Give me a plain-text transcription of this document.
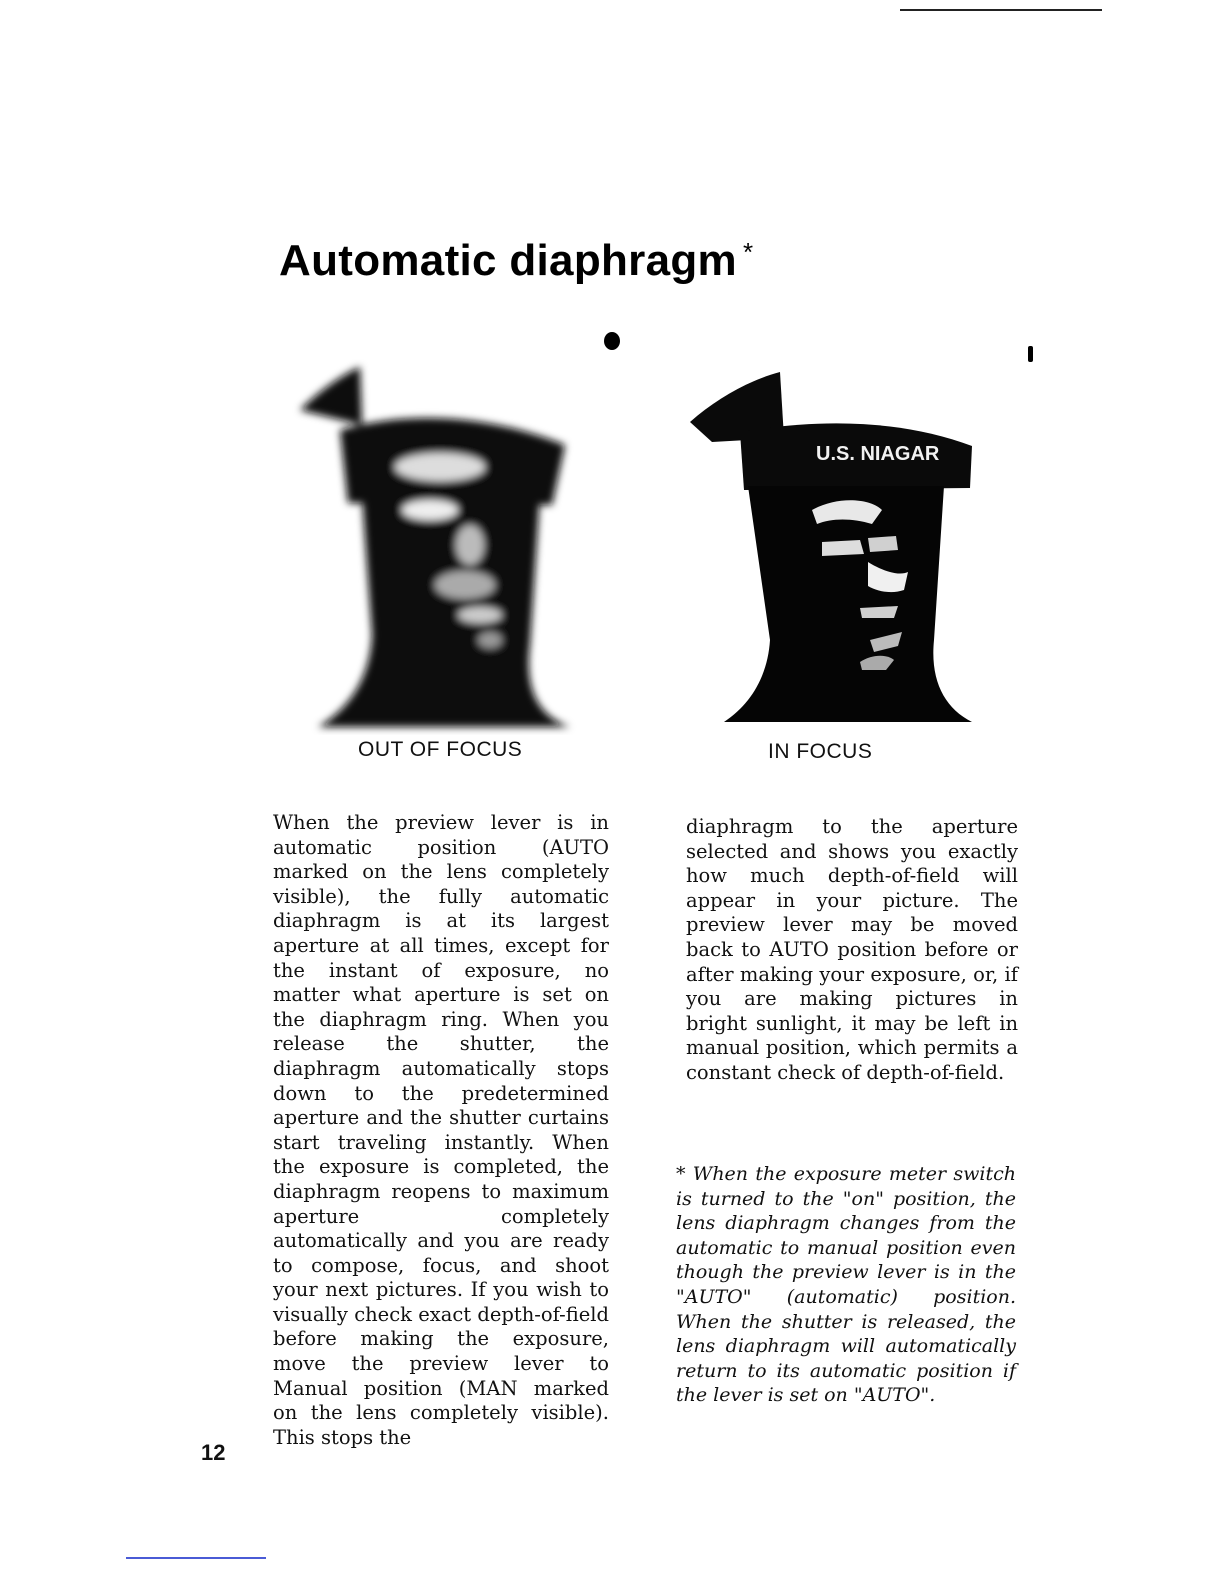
Automatic diaphragm *
OUT OF FOCUS
U.S. NIAGAR
IN FOCUS

When the preview lever is in automatic position (AUTO marked on the lens completely visible), the fully automatic diaphragm is at its largest aperture at all times, except for the instant of exposure, no matter what aperture is set on the diaphragm ring. When you release the shutter, the diaphragm automatically stops down to the predetermined aperture and the shutter curtains start traveling instantly. When the exposure is completed, the diaphragm reopens to maximum aperture completely automatically and you are ready to compose, focus, and shoot your next pictures. If you wish to visually check exact depth-of-field before making the exposure, move the preview lever to Manual position (MAN marked on the lens completely visible). This stops the

diaphragm to the aperture selected and shows you exactly how much depth-of-field will appear in your picture. The preview lever may be moved back to AUTO position before or after making your exposure, or, if you are making pictures in bright sunlight, it may be left in manual position, which permits a constant check of depth-of-field.

* When the exposure meter switch is turned to the "on" position, the lens diaphragm changes from the automatic to manual position even though the preview lever is in the "AUTO" (automatic) position. When the shutter is released, the lens diaphragm will automatically return to its automatic position if the lever is set on "AUTO".

12
